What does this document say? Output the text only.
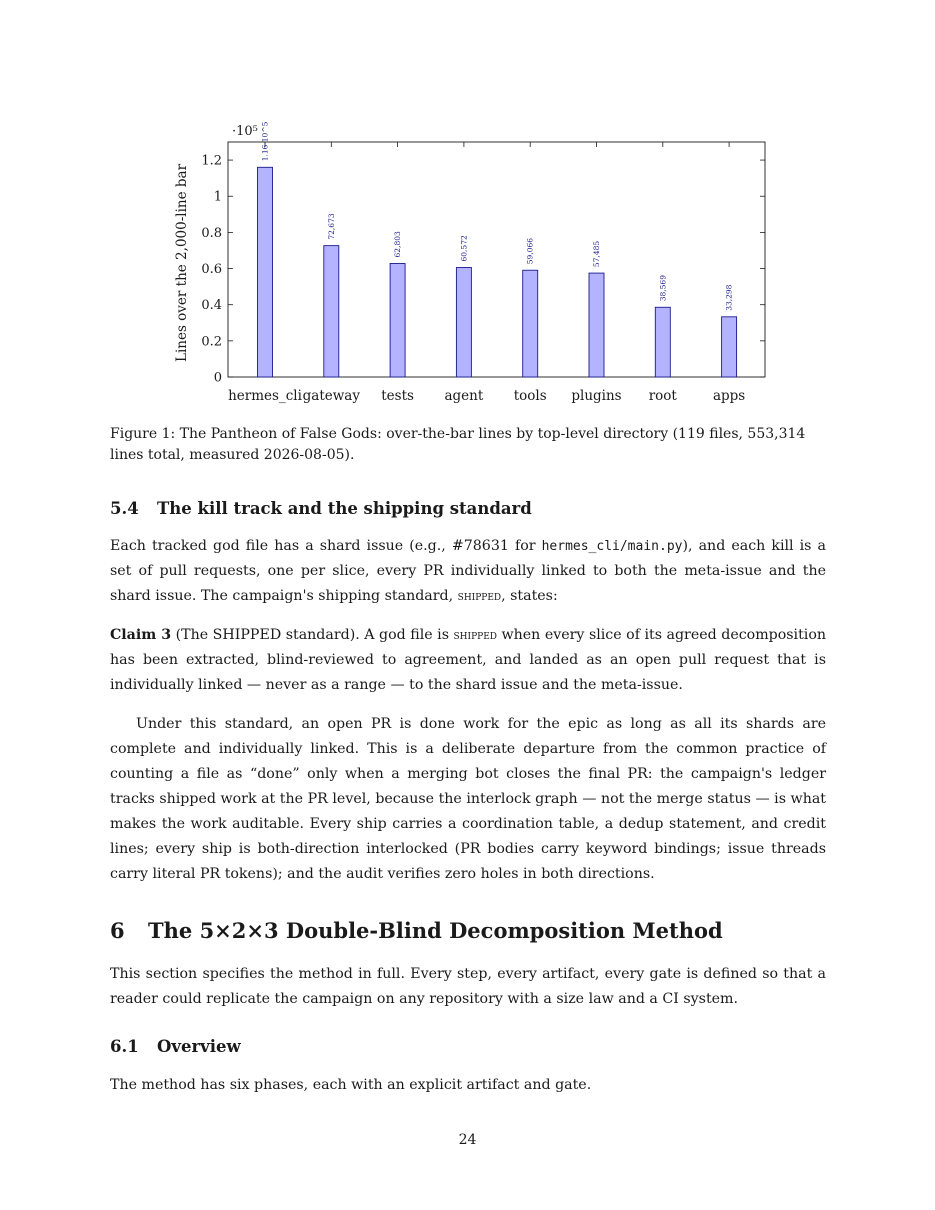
0
0.2
0.4
0.6
0.8
1
1.2	1.16·10^5
hermes_cli
72,673
gateway
62,803
tests
60,572
agent
59,066
tools
57,485
plugins
38,569
root
33,298
apps
Lines over the 2,000-line bar
·10⁵
Figure 1: The Pantheon of False Gods: over-the-bar lines by top-level directory (119 files, 553,314 lines total, measured 2026-08-05).
5.4 The kill track and the shipping standard
Each tracked god file has a shard issue (e.g., #78631 for hermes_cli/main.py), and each kill is a set of pull requests, one per slice, every PR individually linked to both the meta-issue and the shard issue. The campaign's shipping standard, shipped, states:
Claim 3 (The SHIPPED standard). A god file is shipped when every slice of its agreed decomposition has been extracted, blind-reviewed to agreement, and landed as an open pull request that is individually linked — never as a range — to the shard issue and the meta-issue.
Under this standard, an open PR is done work for the epic as long as all its shards are complete and individually linked. This is a deliberate departure from the common practice of counting a file as “done” only when a merging bot closes the final PR: the campaign's ledger tracks shipped work at the PR level, because the interlock graph — not the merge status — is what makes the work auditable. Every ship carries a coordination table, a dedup statement, and credit lines; every ship is both-direction interlocked (PR bodies carry keyword bindings; issue threads carry literal PR tokens); and the audit verifies zero holes in both directions.
6 The 5×2×3 Double-Blind Decomposition Method
This section specifies the method in full. Every step, every artifact, every gate is defined so that a reader could replicate the campaign on any repository with a size law and a CI system.
6.1 Overview
The method has six phases, each with an explicit artifact and gate.
24
